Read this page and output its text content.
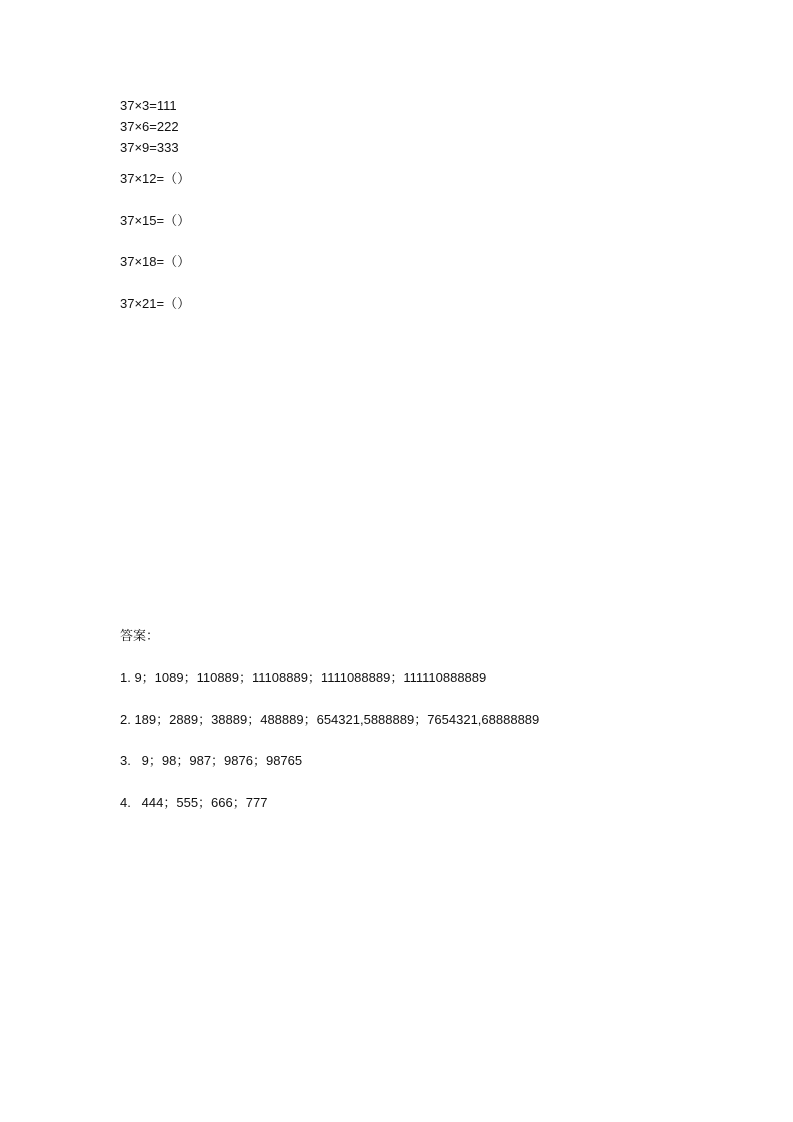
37×3=111
37×6=222
37×9=333
37×12=（）
37×15=（）
37×18=（）
37×21=（）
答案：
1. 9；1089；110889；11108889；1111088889；111110888889
2. 189；2889；38889；488889；654321,5888889；7654321,68888889
3.   9；98；987；9876；98765
4.   444；555；666；777
